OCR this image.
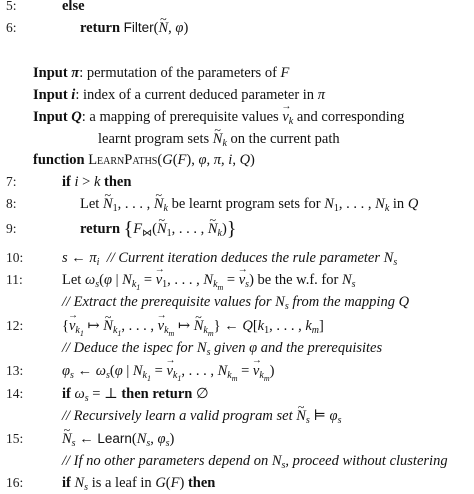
5:	else
6:	return Filter(~ N, φ)
Input π: permutation of the parameters of F
Input i: index of a current deduced parameter in π
Input Q: a mapping of prerequisite values → $v_k$ and corresponding
learnt program sets ~ $N_k$ on the current path
function LearnPaths(G(F), φ, π, i, Q)
7:	if i > k then
8:	Let ~ $N_1$, . . . , ~ $N_k$ be learnt program sets for $N_1$, . . . , $N_k$ in Q
9:	return {$F_⋈(\sim$ $N_1$, . . . , ~ $N_k$)}
10:	s ← $\pi_i$ // Current iteration deduces the rule parameter $N_s$
11:	Let $\omega_s(\varphi$ | $N_{k_1}$ = → $v_1$, . . . , $N_{k_m}$ = → $v_s$) be the w.f. for $N_s$
// Extract the prerequisite values for $N_s$ from the mapping Q
12:	{→ $v_{k_1}$ ↦ ~ $N_{k_1}$, . . . , → $v_{k_m}$ ↦ ~ $N_{k_m}$} ← $Q[k_1$, . . . , $k_m$]
// Deduce the ispec for $N_s$ given φ and the prerequisites
13:	$\varphi_s$ ← $\omega_s(\varphi$ | $N_{k_1}$ = → $v_{k_1}$, . . . , $N_{k_m}$ = → $v_{k_m}$)
14:	if $\omega_s$ = ⊥ then return ∅
// Recursively learn a valid program set ~ $N_s$ ⊨ $\varphi_s$
15:
~	$N_s$ ← $Learn(N_s$, $\varphi_s$)
// If no other parameters depend on $N_s$, proceed without clustering
16:	if $N_s$ is a leaf in G(F) then
